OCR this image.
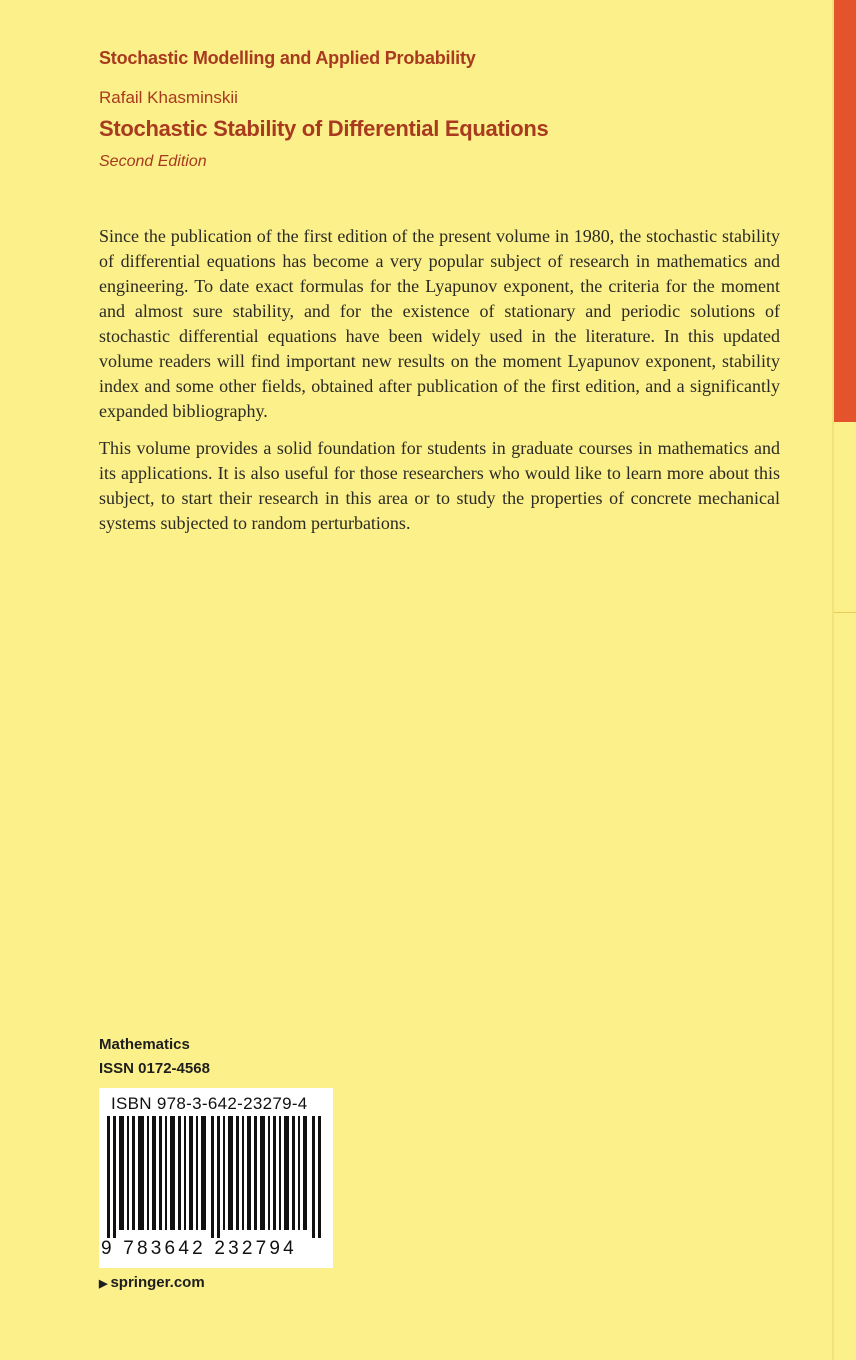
Stochastic Modelling and Applied Probability
Rafail Khasminskii
Stochastic Stability of Differential Equations
Second Edition

Since the publication of the first edition of the present volume in 1980, the stochastic stability of differential equations has become a very popular subject of research in mathematics and engineering. To date exact formulas for the Lyapunov exponent, the criteria for the moment and almost sure stability, and for the existence of stationary and periodic solutions of stochastic differential equations have been widely used in the literature. In this updated volume readers will find important new results on the moment Lyapunov exponent, stability index and some other fields, obtained after publication of the first edition, and a significantly expanded bibliography.

This volume provides a solid foundation for students in graduate courses in mathematics and its applications. It is also useful for those researchers who would like to learn more about this subject, to start their research in this area or to study the properties of concrete mechanical systems subjected to random perturbations.

Mathematics
ISSN 0172-4568
ISBN 978-3-642-23279-4
9 783642 232794
▶ springer.com
